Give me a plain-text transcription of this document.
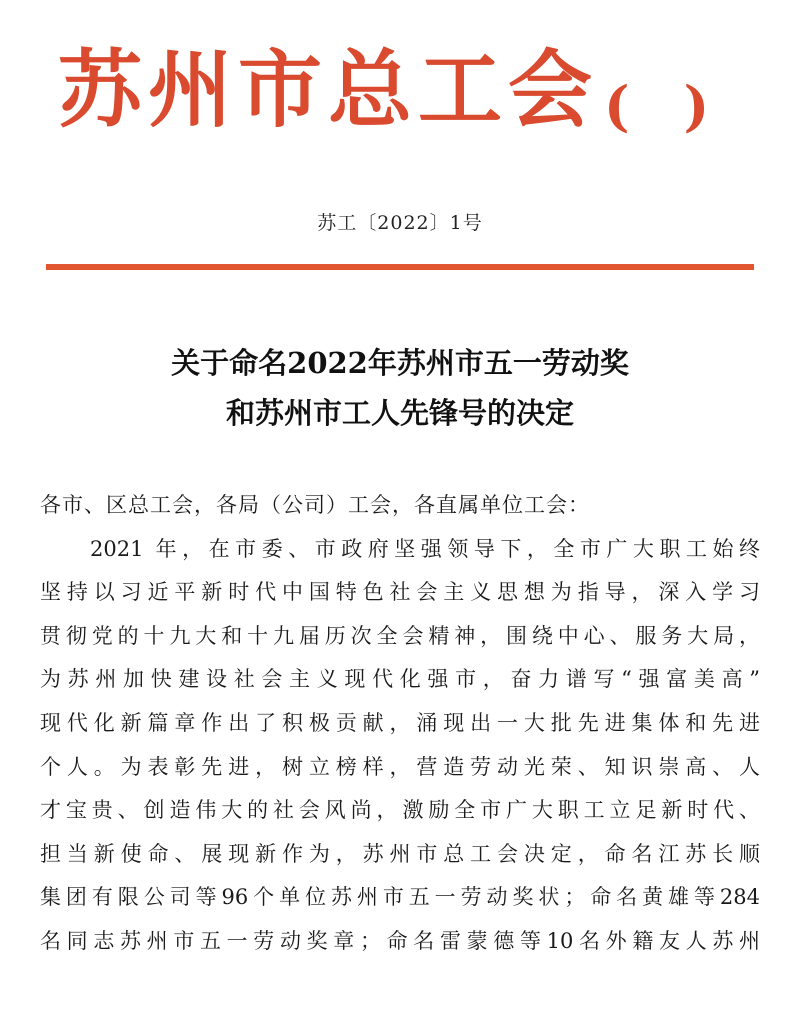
苏州市总工会 (　)
苏工〔2022〕1号
关于命名2022年苏州市五一劳动奖
和苏州市工人先锋号的决定
各市、区总工会，各局（公司）工会，各直属单位工会：
2021 年，在市委、市政府坚强领导下，全市广大职工始终
坚持以习近平新时代中国特色社会主义思想为指导，深入学习
贯彻党的十九大和十九届历次全会精神，围绕中心、服务大局，
为苏州加快建设社会主义现代化强市，奋力谱写“强富美高”
现代化新篇章作出了积极贡献，涌现出一大批先进集体和先进
个人。为表彰先进，树立榜样，营造劳动光荣、知识崇高、人
才宝贵、创造伟大的社会风尚，激励全市广大职工立足新时代、
担当新使命、展现新作为，苏州市总工会决定，命名江苏长顺
集团有限公司等96个单位苏州市五一劳动奖状；命名黄雄等284
名同志苏州市五一劳动奖章；命名雷蒙德等10名外籍友人苏州
